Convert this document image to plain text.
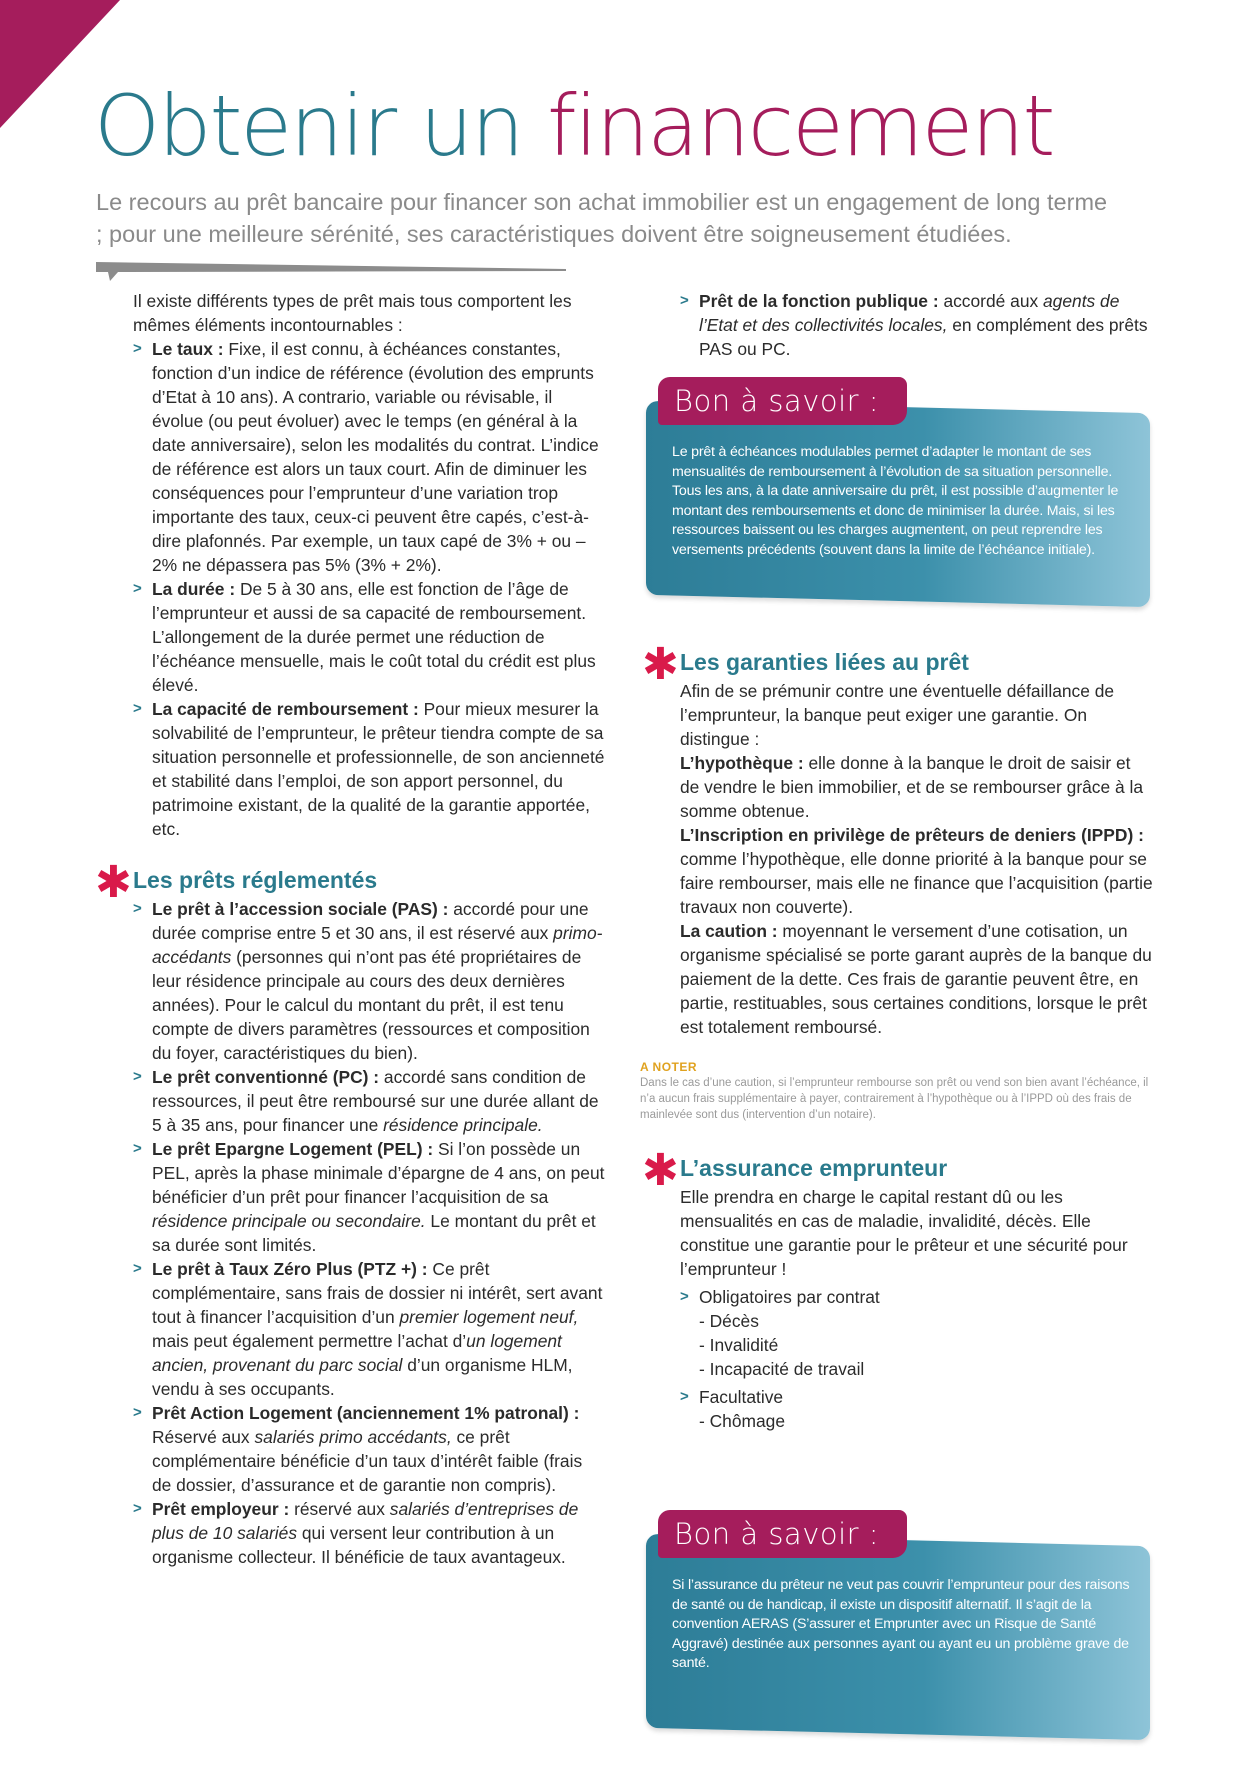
Obtenir un financement

Le recours au prêt bancaire pour financer son achat immobilier est un engagement de long terme ; pour une meilleure sérénité, ses caractéristiques doivent être soigneusement étudiées.

Il existe différents types de prêt mais tous comportent les mêmes éléments incontournables :

> Le taux : Fixe, il est connu, à échéances constantes, fonction d’un indice de référence (évolution des emprunts d’Etat à 10 ans). A contrario, variable ou révisable, il évolue (ou peut évoluer) avec le temps (en général à la date anniversaire), selon les modalités du contrat. L’indice de référence est alors un taux court. Afin de diminuer les conséquences pour l’emprunteur d’une variation trop importante des taux, ceux-ci peuvent être capés, c’est-à-dire plafonnés. Par exemple, un taux capé de 3% + ou – 2% ne dépassera pas 5% (3% + 2%).
> La durée : De 5 à 30 ans, elle est fonction de l’âge de l’emprunteur et aussi de sa capacité de remboursement. L’allongement de la durée permet une réduction de l’échéance mensuelle, mais le coût total du crédit est plus élevé.
> La capacité de remboursement : Pour mieux mesurer la solvabilité de l’emprunteur, le prêteur tiendra compte de sa situation personnelle et professionnelle, de son ancienneté et stabilité dans l’emploi, de son apport personnel, du patrimoine existant, de la qualité de la garantie apportée, etc.
✱ Les prêts réglementés
> Le prêt à l’accession sociale (PAS) : accordé pour une durée comprise entre 5 et 30 ans, il est réservé aux primo-accédants (personnes qui n’ont pas été propriétaires de leur résidence principale au cours des deux dernières années). Pour le calcul du montant du prêt, il est tenu compte de divers paramètres (ressources et composition du foyer, caractéristiques du bien).
> Le prêt conventionné (PC) : accordé sans condition de ressources, il peut être remboursé sur une durée allant de 5 à 35 ans, pour financer une résidence principale.
> Le prêt Epargne Logement (PEL) : Si l’on possède un PEL, après la phase minimale d’épargne de 4 ans, on peut bénéficier d’un prêt pour financer l’acquisition de sa résidence principale ou secondaire. Le montant du prêt et sa durée sont limités.
> Le prêt à Taux Zéro Plus (PTZ +) : Ce prêt complémentaire, sans frais de dossier ni intérêt, sert avant tout à financer l’acquisition d’un premier logement neuf, mais peut également permettre l’achat d’un logement ancien, provenant du parc social d’un organisme HLM, vendu à ses occupants.
> Prêt Action Logement (anciennement 1% patronal) : Réservé aux salariés primo accédants, ce prêt complémentaire bénéficie d’un taux d’intérêt faible (frais de dossier, d’assurance et de garantie non compris).
> Prêt employeur : réservé aux salariés d’entreprises de plus de 10 salariés qui versent leur contribution à un organisme collecteur. Il bénéficie de taux avantageux.
> Prêt de la fonction publique : accordé aux agents de l’Etat et des collectivités locales, en complément des prêts PAS ou PC.
Bon à savoir :

Le prêt à échéances modulables permet d’adapter le montant de ses mensualités de remboursement à l’évolution de sa situation personnelle. Tous les ans, à la date anniversaire du prêt, il est possible d’augmenter le montant des remboursements et donc de minimiser la durée. Mais, si les ressources baissent ou les charges augmentent, on peut reprendre les versements précédents (souvent dans la limite de l’échéance initiale).

✱ Les garanties liées au prêt

Afin de se prémunir contre une éventuelle défaillance de l’emprunteur, la banque peut exiger une garantie. On distingue :

L’hypothèque : elle donne à la banque le droit de saisir et de vendre le bien immobilier, et de se rembourser grâce à la somme obtenue.

L’Inscription en privilège de prêteurs de deniers (IPPD) : comme l’hypothèque, elle donne priorité à la banque pour se faire rembourser, mais elle ne finance que l’acquisition (partie travaux non couverte).

La caution : moyennant le versement d’une cotisation, un organisme spécialisé se porte garant auprès de la banque du paiement de la dette. Ces frais de garantie peuvent être, en partie, restituables, sous certaines conditions, lorsque le prêt est totalement remboursé.

A NOTER
Dans le cas d’une caution, si l’emprunteur rembourse son prêt ou vend son bien avant l’échéance, il n’a aucun frais supplémentaire à payer, contrairement à l’hypothèque ou à l’IPPD où des frais de mainlevée sont dus (intervention d’un notaire).
✱ L’assurance emprunteur

Elle prendra en charge le capital restant dû ou les mensualités en cas de maladie, invalidité, décès. Elle constitue une garantie pour le prêteur et une sécurité pour l’emprunteur !

> Obligatoires par contrat
- Décès
- Invalidité
- Incapacité de travail
> Facultative
- Chômage
Bon à savoir :

Si l’assurance du prêteur ne veut pas couvrir l’emprunteur pour des raisons de santé ou de handicap, il existe un dispositif alternatif. Il s’agit de la convention AERAS (S’assurer et Emprunter avec un Risque de Santé Aggravé) destinée aux personnes ayant ou ayant eu un problème grave de santé.
